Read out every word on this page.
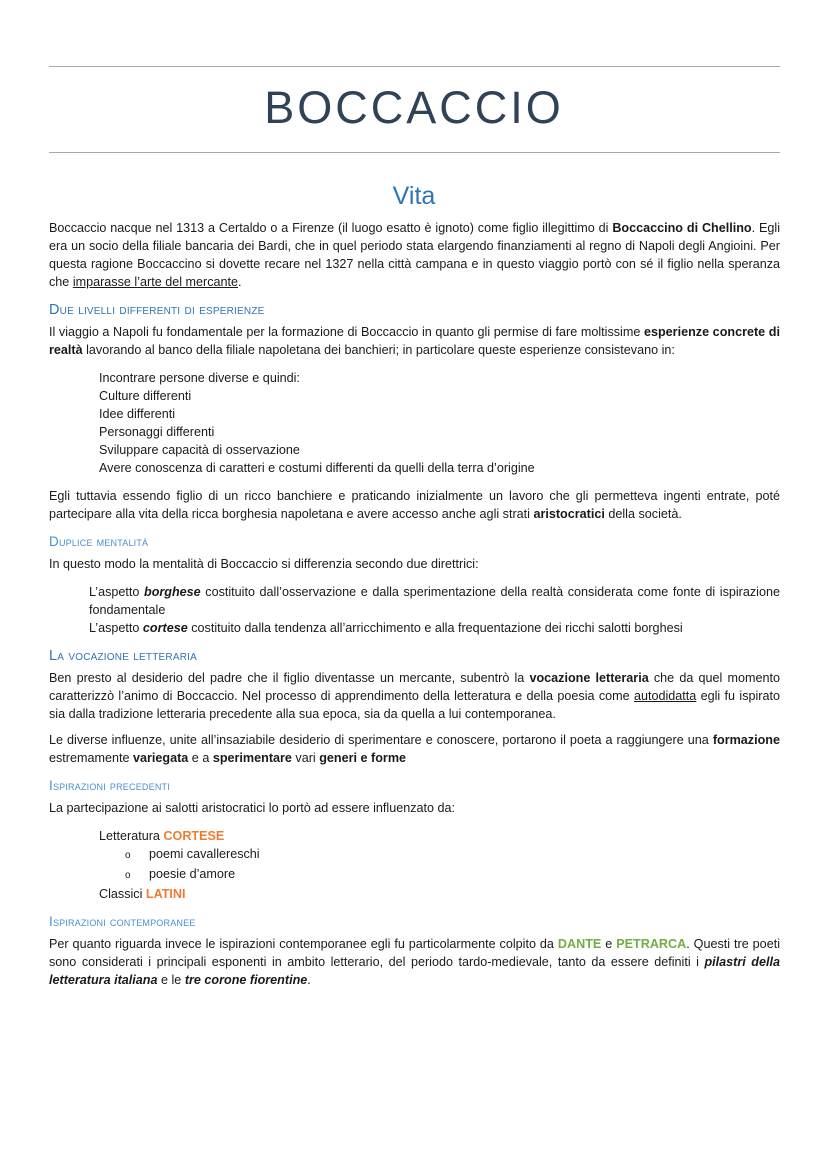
BOCCACCIO
Vita

Boccaccio nacque nel 1313 a Certaldo o a Firenze (il luogo esatto è ignoto) come figlio illegittimo di Boccaccino di Chellino. Egli era un socio della filiale bancaria dei Bardi, che in quel periodo stata elargendo finanziamenti al regno di Napoli degli Angioini. Per questa ragione Boccaccino si dovette recare nel 1327 nella città campana e in questo viaggio portò con sé il figlio nella speranza che imparasse l’arte del mercante.

Due livelli differenti di esperienze

Il viaggio a Napoli fu fondamentale per la formazione di Boccaccio in quanto gli permise di fare moltissime esperienze concrete di realtà lavorando al banco della filiale napoletana dei banchieri; in particolare queste esperienze consistevano in:

Incontrare persone diverse e quindi:
Culture differenti
Idee differenti
Personaggi differenti
Sviluppare capacità di osservazione
Avere conoscenza di caratteri e costumi differenti da quelli della terra d’origine

Egli tuttavia essendo figlio di un ricco banchiere e praticando inizialmente un lavoro che gli permetteva ingenti entrate, poté partecipare alla vita della ricca borghesia napoletana e avere accesso anche agli strati aristocratici della società.

Duplice mentalità

In questo modo la mentalità di Boccaccio si differenzia secondo due direttrici:

L’aspetto borghese costituito dall’osservazione e dalla sperimentazione della realtà considerata come fonte di ispirazione fondamentale

L’aspetto cortese costituito dalla tendenza all’arricchimento e alla frequentazione dei ricchi salotti borghesi

La vocazione letteraria

Ben presto al desiderio del padre che il figlio diventasse un mercante, subentrò la vocazione letteraria che da quel momento caratterizzò l’animo di Boccaccio. Nel processo di apprendimento della letteratura e della poesia come autodidatta egli fu ispirato sia dalla tradizione letteraria precedente alla sua epoca, sia da quella a lui contemporanea.

Le diverse influenze, unite all’insaziabile desiderio di sperimentare e conoscere, portarono il poeta a raggiungere una formazione estremamente variegata e a sperimentare vari generi e forme

Ispirazioni precedenti

La partecipazione ai salotti aristocratici lo portò ad essere influenzato da:

Letteratura CORTESE
o poemi cavallereschi
o poesie d’amore
Classici LATINI
Ispirazioni contemporanee

Per quanto riguarda invece le ispirazioni contemporanee egli fu particolarmente colpito da DANTE e PETRARCA. Questi tre poeti sono considerati i principali esponenti in ambito letterario, del periodo tardo-medievale, tanto da essere definiti i pilastri della letteratura italiana e le tre corone fiorentine.
